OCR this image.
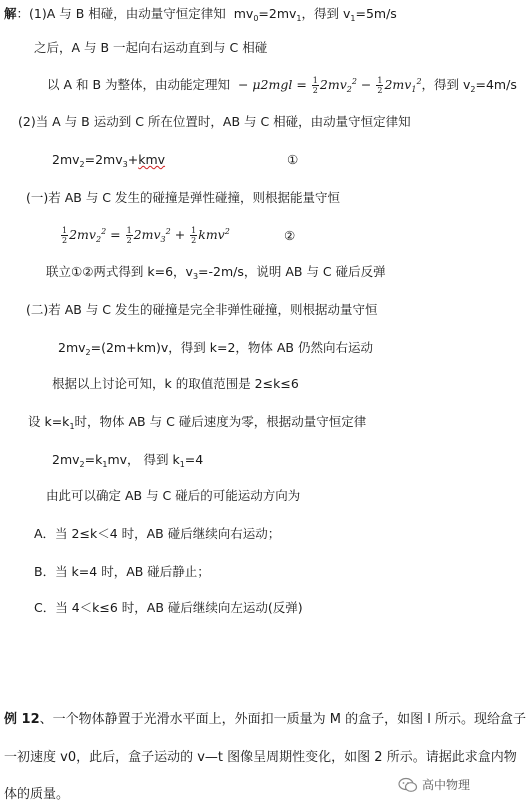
解：(1)A 与 B 相碰，由动量守恒定律知 $mv_0=2mv_1$，得到 $v_1=5m/s$
之后，A 与 B 一起向右运动直到与 C 相碰
以 A 和 B 为整体，由动能定理知  − $\mu 2mgl = \frac{1}{2} 2mv_2^2 - \frac{1}{2} 2mv_1^2$，得到 $v_2=4m/s$
(2)当 A 与 B 运动到 C 所在位置时，AB 与 C 相碰，由动量守恒定律知
$2mv_2=2mv_3+kmv$	①
(一)若 AB 与 C 发生的碰撞是弹性碰撞，则根据能量守恒
$\frac{1}{2} 2mv_2^2 = \frac{1}{2} 2mv_3^2 + \frac{1}{2} kmv^2$	②
联立①②两式得到 k=6，$v_3=-2m/s$，说明 AB 与 C 碰后反弹
(二)若 AB 与 C 发生的碰撞是完全非弹性碰撞，则根据动量守恒
$2mv_2=(2m+km)v$，得到 k=2，物体 AB 仍然向右运动
根据以上讨论可知，k 的取值范围是 2≤k≤6
设 $k=k_1$时，物体 AB 与 C 碰后速度为零，根据动量守恒定律
$2mv_2=k_1mv$， 得到 $k_1=4$
由此可以确定 AB 与 C 碰后的可能运动方向为
A．当 2≤k＜4 时，AB 碰后继续向右运动；
B．当 k=4 时，AB 碰后静止；
C．当 4＜k≤6 时，AB 碰后继续向左运动(反弹)
例 12、一个物体静置于光滑水平面上，外面扣一质量为 M 的盒子，如图 l 所示。现给盒子
一初速度 v0，此后，盒子运动的 v—t 图像呈周期性变化，如图 2 所示。请据此求盒内物
体的质量。
高中物理
